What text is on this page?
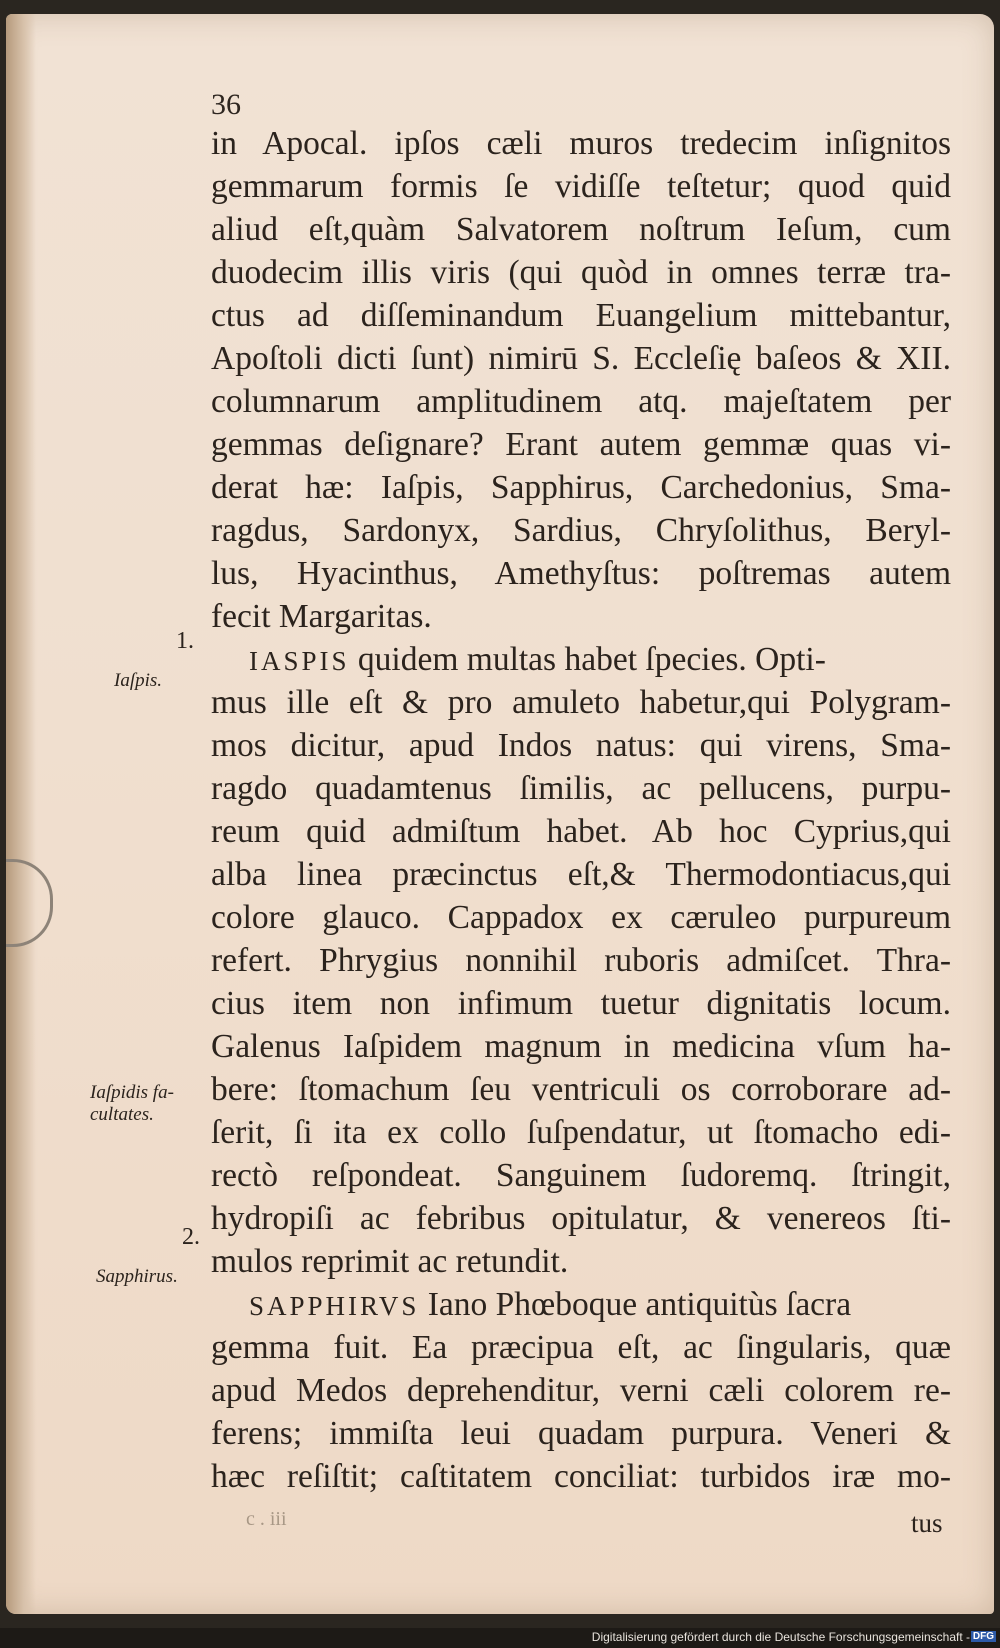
36
in Apocal. ipſos cæli muros tredecim inſignitos
gemmarum formis ſe vidiſſe teſtetur; quod quid
aliud eſt,quàm Salvatorem noſtrum Ieſum, cum
duodecim illis viris (qui quòd in omnes terræ tra-
ctus ad diſſeminandum Euangelium mittebantur,
Apoſtoli dicti ſunt) nimirū S. Eccleſię baſeos & XII.
columnarum amplitudinem atq. majeſtatem per
gemmas deſignare? Erant autem gemmæ quas vi-
derat hæ: Iaſpis, Sapphirus, Carchedonius, Sma-
ragdus, Sardonyx, Sardius, Chryſolithus, Beryl-
lus, Hyacinthus, Amethyſtus: poſtremas autem
fecit Margaritas.
IASPIS quidem multas habet ſpecies. Opti-
mus ille eſt & pro amuleto habetur,qui Polygram-
mos dicitur, apud Indos natus: qui virens, Sma-
ragdo quadamtenus ſimilis, ac pellucens, purpu-
reum quid admiſtum habet. Ab hoc Cyprius,qui
alba linea præcinctus eſt,& Thermodontiacus,qui
colore glauco. Cappadox ex cæruleo purpureum
refert. Phrygius nonnihil ruboris admiſcet. Thra-
cius item non infimum tuetur dignitatis locum.
Galenus Iaſpidem magnum in medicina vſum ha-
bere: ſtomachum ſeu ventriculi os corroborare ad-
ſerit, ſi ita ex collo ſuſpendatur, ut ſtomacho edi-
rectò reſpondeat. Sanguinem ſudoremq. ſtringit,
hydropiſi ac febribus opitulatur, & venereos ſti-
mulos reprimit ac retundit.
SAPPHIRVS Iano Phœboque antiquitùs ſacra
gemma fuit. Ea præcipua eſt, ac ſingularis, quæ
apud Medos deprehenditur, verni cæli colorem re-
ferens; immiſta leui quadam purpura. Veneri &
hæc reſiſtit; caſtitatem conciliat: turbidos iræ mo-
1.
Iaſpis.
Iaſpidis fa-
cultates.
2.
Sapphirus.
c . iii	tus
Digitalisierung gefördert durch die Deutsche Forschungsgemeinschaft - DFG
